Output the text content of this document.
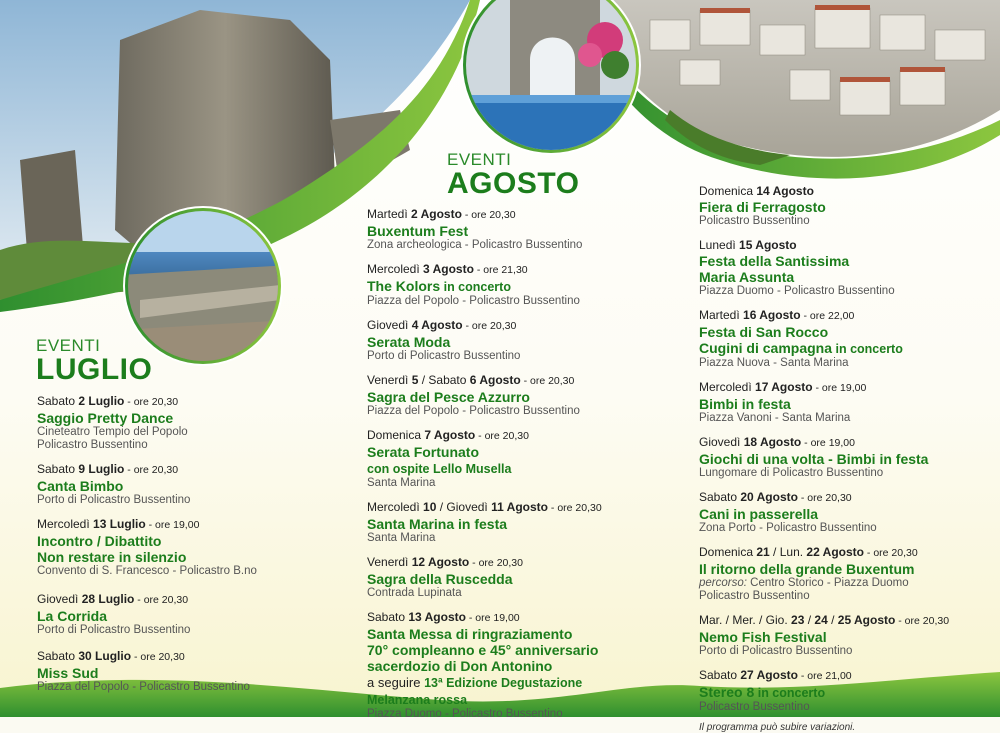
EVENTI
LUGLIO
EVENTI
AGOSTO
Sabato 2 Luglio - ore 20,30
Saggio Pretty Dance
Cineteatro Tempio del Popolo
Policastro Bussentino
Sabato 9 Luglio - ore 20,30
Canta Bimbo
Porto di Policastro Bussentino
Mercoledì 13 Luglio - ore 19,00
Incontro / Dibattito
Non restare in silenzio
Convento di S. Francesco - Policastro B.no
Giovedì 28 Luglio - ore 20,30
La Corrida
Porto di Policastro Bussentino
Sabato 30 Luglio - ore 20,30
Miss Sud
Piazza del Popolo - Policastro Bussentino
Martedì 2 Agosto - ore 20,30
Buxentum Fest
Zona archeologica - Policastro Bussentino
Mercoledì 3 Agosto - ore 21,30
The Kolors in concerto
Piazza del Popolo - Policastro Bussentino
Giovedì 4 Agosto - ore 20,30
Serata Moda
Porto di Policastro Bussentino
Venerdì 5 / Sabato 6 Agosto - ore 20,30
Sagra del Pesce Azzurro
Piazza del Popolo - Policastro Bussentino
Domenica 7 Agosto - ore 20,30
Serata Fortunato
con ospite Lello Musella
Santa Marina
Mercoledì 10 / Giovedì 11 Agosto - ore 20,30
Santa Marina in festa
Santa Marina
Venerdì 12 Agosto - ore 20,30
Sagra della Ruscedda
Contrada Lupinata
Sabato 13 Agosto - ore 19,00
Santa Messa di ringraziamento
70° compleanno e 45° anniversario
sacerdozio di Don Antonino
a seguire 13ª Edizione Degustazione
Melanzana rossa
Piazza Duomo - Policastro Bussentino
Domenica 14 Agosto
Fiera di Ferragosto
Policastro Bussentino
Lunedì 15 Agosto
Festa della Santissima
Maria Assunta
Piazza Duomo - Policastro Bussentino
Martedì 16 Agosto - ore 22,00
Festa di San Rocco
Cugini di campagna in concerto
Piazza Nuova - Santa Marina
Mercoledì 17 Agosto - ore 19,00
Bimbi in festa
Piazza Vanoni - Santa Marina
Giovedì 18 Agosto - ore 19,00
Giochi di una volta - Bimbi in festa
Lungomare di Policastro Bussentino
Sabato 20 Agosto - ore 20,30
Cani in passerella
Zona Porto - Policastro Bussentino
Domenica 21 / Lun. 22 Agosto - ore 20,30
Il ritorno della grande Buxentum
percorso: Centro Storico - Piazza Duomo
Policastro Bussentino
Mar. / Mer. / Gio. 23 / 24 / 25 Agosto - ore 20,30
Nemo Fish Festival
Porto di Policastro Bussentino
Sabato 27 Agosto - ore 21,00
Stereo 8 in concerto
Policastro Bussentino
Il programma può subire variazioni.
